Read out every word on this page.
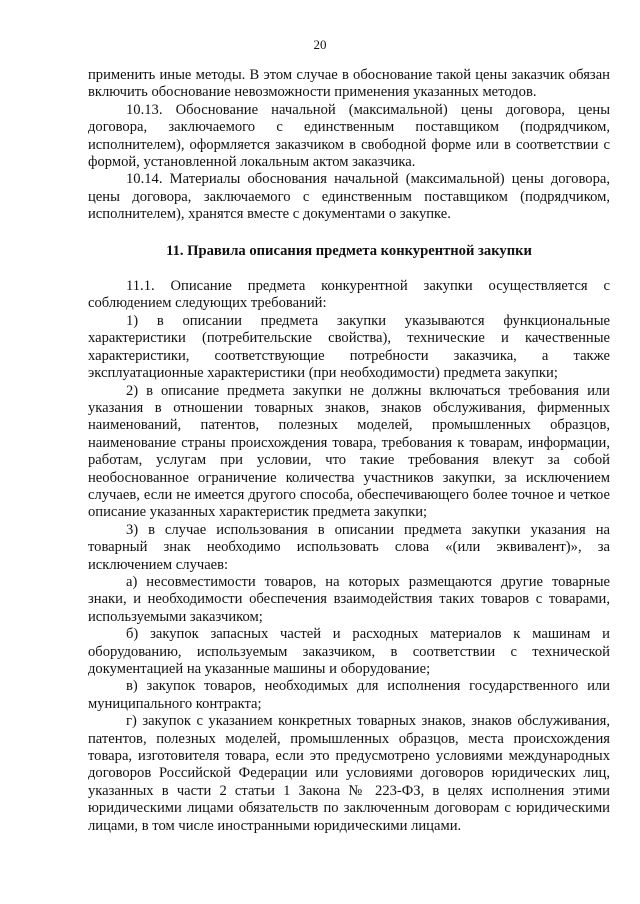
20

применить иные методы. В этом случае в обоснование такой цены заказчик обязан включить обоснование невозможности применения указанных методов.

10.13. Обоснование начальной (максимальной) цены договора, цены договора, заключаемого с единственным поставщиком (подрядчиком, исполнителем), оформляется заказчиком в свободной форме или в соответствии с формой, установленной локальным актом заказчика.

10.14. Материалы обоснования начальной (максимальной) цены договора, цены договора, заключаемого с единственным поставщиком (подрядчиком, исполнителем), хранятся вместе с документами о закупке.

11. Правила описания предмета конкурентной закупки

11.1. Описание предмета конкурентной закупки осуществляется с соблюдением следующих требований:

1) в описании предмета закупки указываются функциональные характеристики (потребительские свойства), технические и качественные характеристики, соответствующие потребности заказчика, а также эксплуатационные характеристики (при необходимости) предмета закупки;

2) в описание предмета закупки не должны включаться требования или указания в отношении товарных знаков, знаков обслуживания, фирменных наименований, патентов, полезных моделей, промышленных образцов, наименование страны происхождения товара, требования к товарам, информации, работам, услугам при условии, что такие требования влекут за собой необоснованное ограничение количества участников закупки, за исключением случаев, если не имеется другого способа, обеспечивающего более точное и четкое описание указанных характеристик предмета закупки;

3) в случае использования в описании предмета закупки указания на товарный знак необходимо использовать слова «(или эквивалент)», за исключением случаев:

а) несовместимости товаров, на которых размещаются другие товарные знаки, и необходимости обеспечения взаимодействия таких товаров с товарами, используемыми заказчиком;

б) закупок запасных частей и расходных материалов к машинам и оборудованию, используемым заказчиком, в соответствии с технической документацией на указанные машины и оборудование;

в) закупок товаров, необходимых для исполнения государственного или муниципального контракта;

г) закупок с указанием конкретных товарных знаков, знаков обслуживания, патентов, полезных моделей, промышленных образцов, места происхождения товара, изготовителя товара, если это предусмотрено условиями международных договоров Российской Федерации или условиями договоров юридических лиц, указанных в части 2 статьи 1 Закона № 223-ФЗ, в целях исполнения этими юридическими лицами обязательств по заключенным договорам с юридическими лицами, в том числе иностранными юридическими лицами.
